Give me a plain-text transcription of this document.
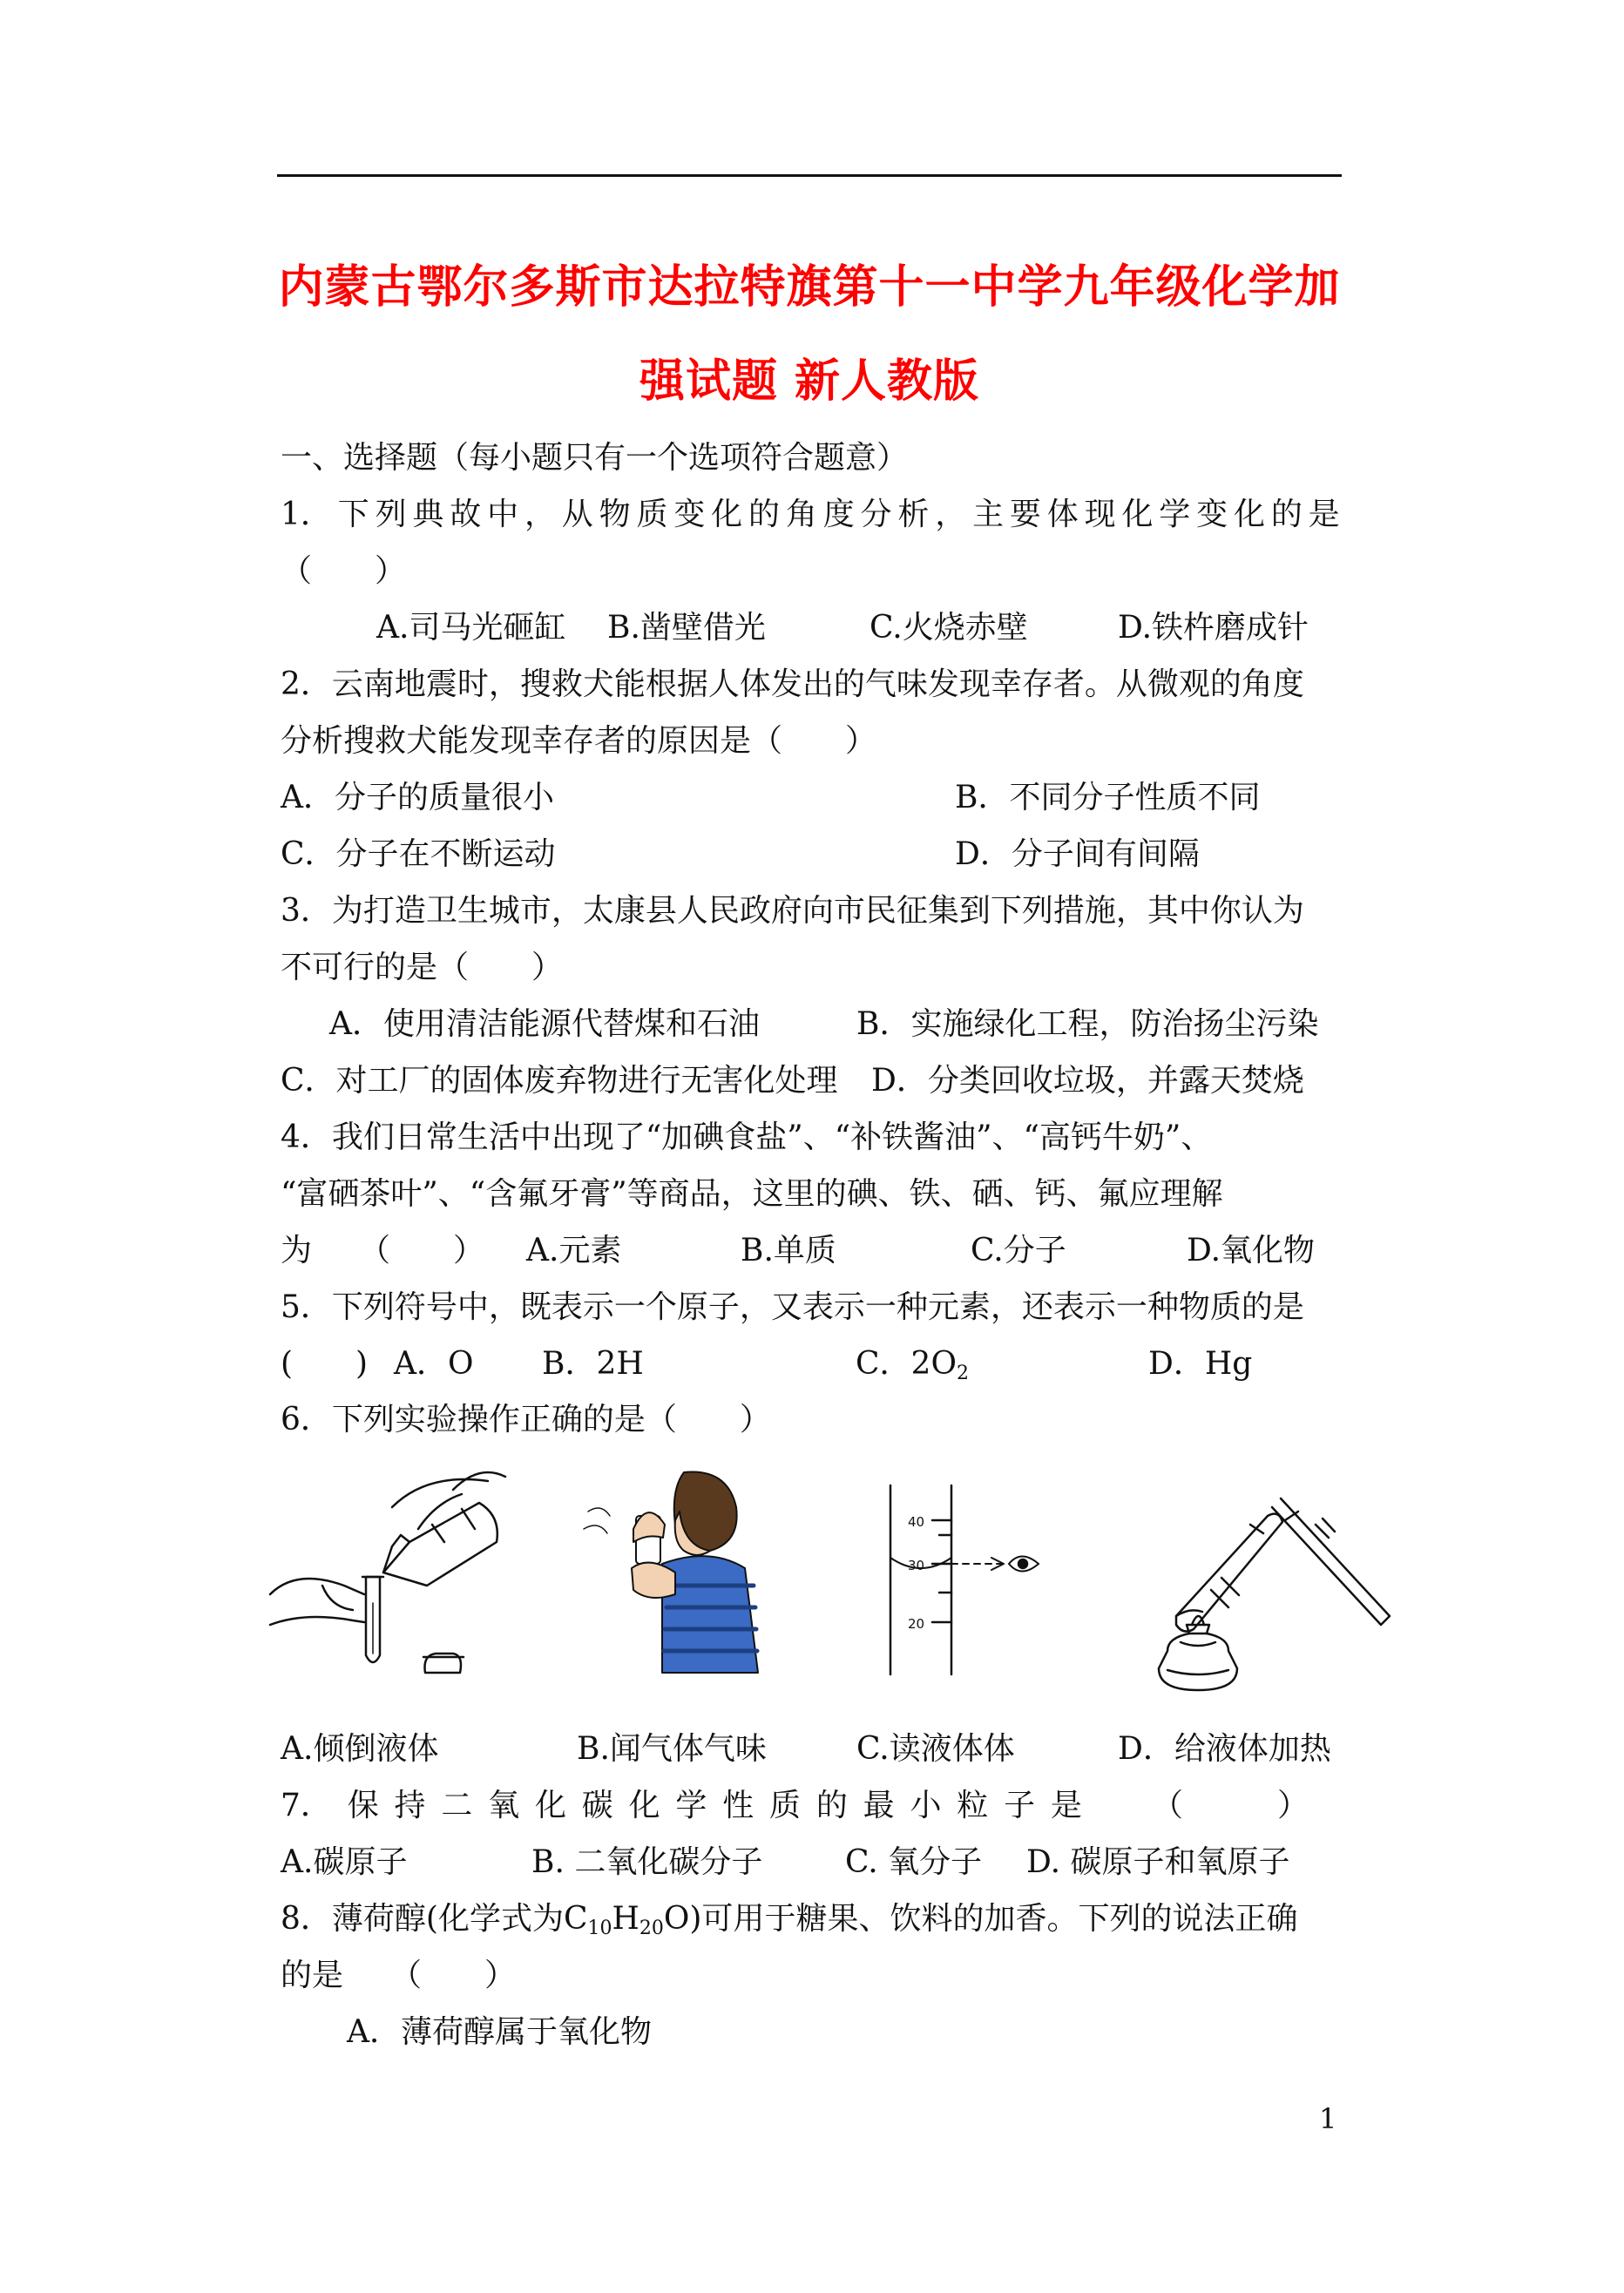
内蒙古鄂尔多斯市达拉特旗第十一中学九年级化学加
强试题 新人教版
一、选择题（每小题只有一个选项符合题意）
1． 下 列 典 故 中 ， 从 物 质 变 化 的 角 度 分 析 ， 主 要 体 现 化 学 变 化 的 是
（　　）
A.司马光砸缸 B.凿壁借光	C.火烧赤壁	D.铁杵磨成针
2．云南地震时，搜救犬能根据人体发出的气味发现幸存者。从微观的角度
分析搜救犬能发现幸存者的原因是（　　）
A．分子的质量很小	B．不同分子性质不同
C．分子在不断运动	D．分子间有间隔
3．为打造卫生城市，太康县人民政府向市民征集到下列措施，其中你认为
不可行的是（　　）
A．使用清洁能源代替煤和石油	B．实施绿化工程，防治扬尘污染
C．对工厂的固体废弃物进行无害化处理 D．分类回收垃圾，并露天焚烧
4．我们日常生活中出现了“加碘食盐”、“补铁酱油”、“高钙牛奶”、
“富硒茶叶”、“含氟牙膏”等商品，这里的碘、铁、硒、钙、氟应理解
为　　（　　） A.元素	B.单质	C.分子	D.氧化物
5．下列符号中，既表示一个原子，又表示一种元素，还表示一种物质的是
(　　) A．O B．2H	C．$2O_2$	D．Hg
6．下列实验操作正确的是（　　）
40
30
20
A.倾倒液体	B.闻气体气味	C.读液体体	D．给液体加热
7． 保 持 二 氧 化 碳 化 学 性 质 的 最 小 粒 子 是 （　　　）
A.碳原子	B. 二氧化碳分子	C. 氧分子 D. 碳原子和氧原子
8．薄荷醇(化学式为$C_{10}H_{20}O$)可用于糖果、饮料的加香。下列的说法正确
的是　　（　　）
A．薄荷醇属于氧化物
1
